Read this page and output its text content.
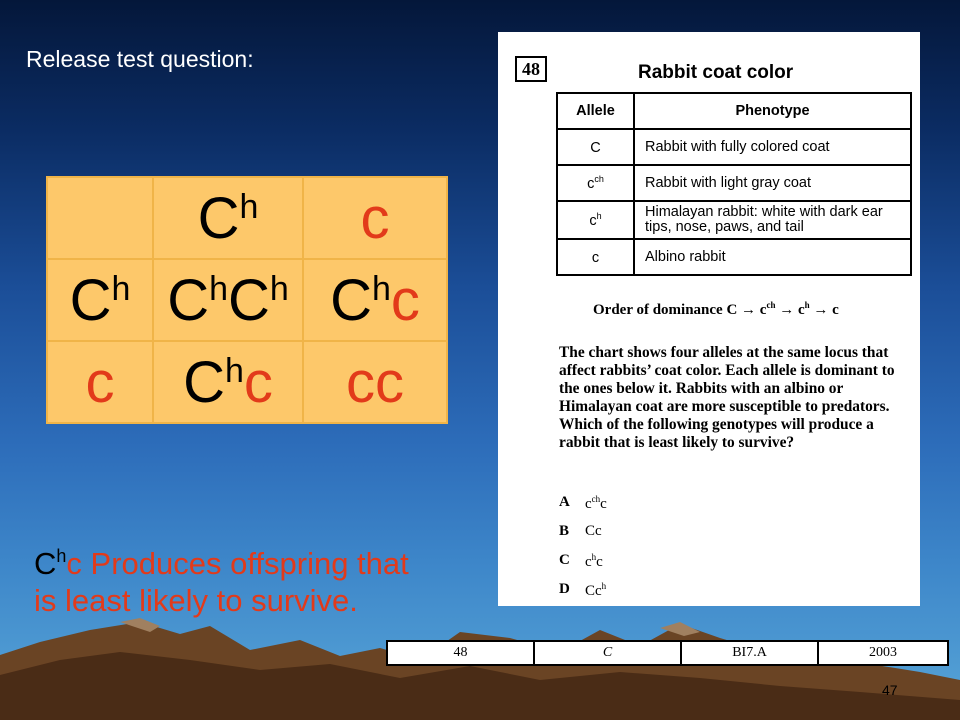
Release test question:
	$C^h$	c
$C^h$	$C^hC^h$	$C^hc$
c	$C^hc$	cc
$C^hc$ Produces offspring that is least likely to survive.
48	Rabbit coat color
Allele	Phenotype
C	Rabbit with fully colored coat
$c^{ch}$	Rabbit with light gray coat
$c^h$	Himalayan rabbit: white with dark ear tips, nose, paws, and tail
c	Albino rabbit
Order of dominance $C \to c^{ch} \to c^h \to c$
The chart shows four alleles at the same locus that affect rabbits’ coat color. Each allele is dominant to the ones below it. Rabbits with an albino or Himalayan coat are more susceptible to predators. Which of the following genotypes will produce a rabbit that is least likely to survive?
A	$c^{ch}c$
B	Cc
C	$c^hc$
D	Cc$^h$
48	C	BI7.A	2003
47
